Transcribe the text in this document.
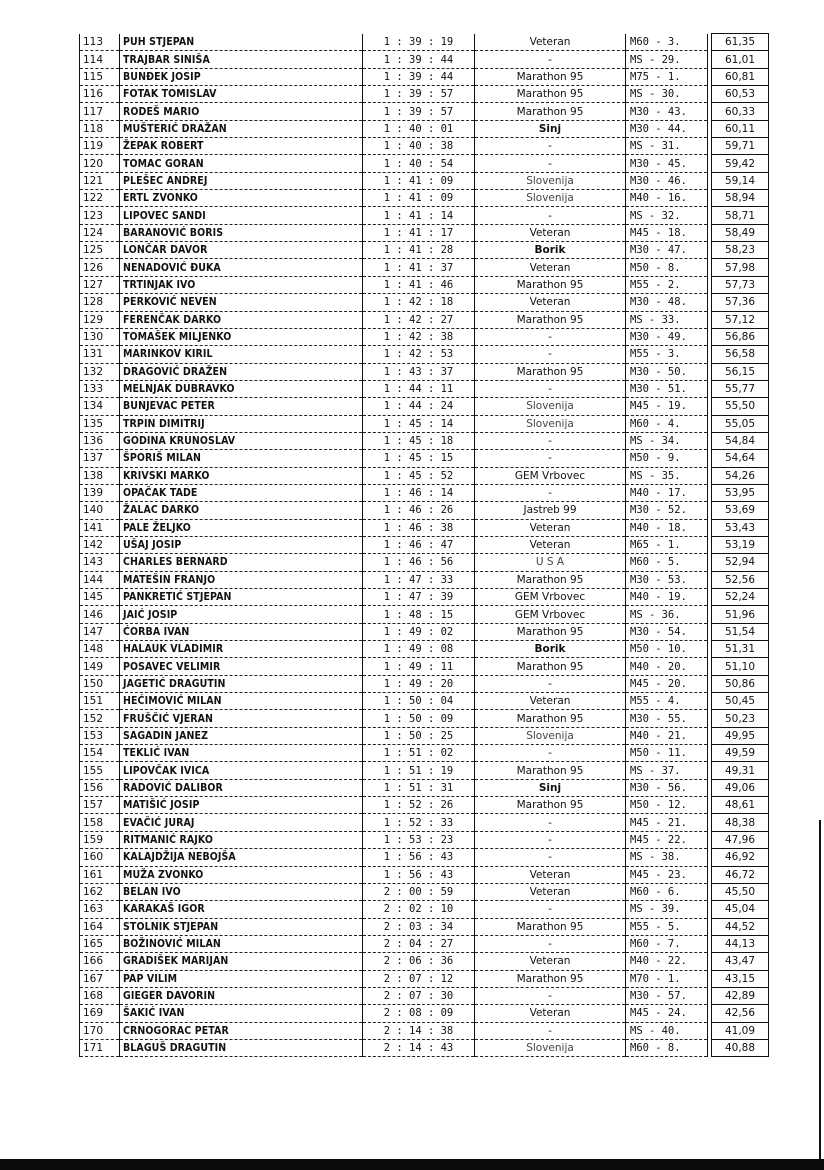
113	PUH STJEPAN	1 : 39 : 19	Veteran	M60 - 3.		61,35
114	TRAJBAR SINIŠA	1 : 39 : 44	-	MS - 29.		61,01
115	BUNĐEK JOSIP	1 : 39 : 44	Marathon 95	M75 - 1.		60,81
116	FOTAK TOMISLAV	1 : 39 : 57	Marathon 95	MS - 30.		60,53
117	RODEŠ MARIO	1 : 39 : 57	Marathon 95	M30 - 43.		60,33
118	MUŠTERIĆ DRAŽAN	1 : 40 : 01	Sinj	M30 - 44.		60,11
119	ŽEPAK ROBERT	1 : 40 : 38	-	MS - 31.		59,71
120	TOMAC GORAN	1 : 40 : 54	-	M30 - 45.		59,42
121	PLEŠEC ANDREJ	1 : 41 : 09	Slovenija	M30 - 46.		59,14
122	ERTL ZVONKO	1 : 41 : 09	Slovenija	M40 - 16.		58,94
123	LIPOVEC SANDI	1 : 41 : 14	-	MS - 32.		58,71
124	BARANOVIĆ BORIS	1 : 41 : 17	Veteran	M45 - 18.		58,49
125	LONČAR DAVOR	1 : 41 : 28	Borik	M30 - 47.		58,23
126	NENADOVIĆ ĐUKA	1 : 41 : 37	Veteran	M50 - 8.		57,98
127	TRTINJAK IVO	1 : 41 : 46	Marathon 95	M55 - 2.		57,73
128	PERKOVIĆ NEVEN	1 : 42 : 18	Veteran	M30 - 48.		57,36
129	FERENČAK DARKO	1 : 42 : 27	Marathon 95	MS - 33.		57,12
130	TOMAŠEK MILJENKO	1 : 42 : 38	-	M30 - 49.		56,86
131	MARINKOV KIRIL	1 : 42 : 53	-	M55 - 3.		56,58
132	DRAGOVIĆ DRAŽEN	1 : 43 : 37	Marathon 95	M30 - 50.		56,15
133	MELNJAK DUBRAVKO	1 : 44 : 11	-	M30 - 51.		55,77
134	BUNJEVAC PETER	1 : 44 : 24	Slovenija	M45 - 19.		55,50
135	TRPIN DIMITRIJ	1 : 45 : 14	Slovenija	M60 - 4.		55,05
136	GODINA KRUNOSLAV	1 : 45 : 18	-	MS - 34.		54,84
137	ŠPORIŠ MILAN	1 : 45 : 15	-	M50 - 9.		54,64
138	KRIVSKI MARKO	1 : 45 : 52	GEM Vrbovec	MS - 35.		54,26
139	OPAČAK TADE	1 : 46 : 14	-	M40 - 17.		53,95
140	ŽALAC DARKO	1 : 46 : 26	Jastreb 99	M30 - 52.		53,69
141	PALE ŽELJKO	1 : 46 : 38	Veteran	M40 - 18.		53,43
142	UŠAJ JOSIP	1 : 46 : 47	Veteran	M65 - 1.		53,19
143	CHARLES BERNARD	1 : 46 : 56	U S A	M60 - 5.		52,94
144	MATEŠIN FRANJO	1 : 47 : 33	Marathon 95	M30 - 53.		52,56
145	PANKRETIĆ STJEPAN	1 : 47 : 39	GEM Vrbovec	M40 - 19.		52,24
146	JAIĆ JOSIP	1 : 48 : 15	GEM Vrbovec	MS - 36.		51,96
147	ĆORBA IVAN	1 : 49 : 02	Marathon 95	M30 - 54.		51,54
148	HALAUK VLADIMIR	1 : 49 : 08	Borik	M50 - 10.		51,31
149	POSAVEC VELIMIR	1 : 49 : 11	Marathon 95	M40 - 20.		51,10
150	JAGETIĆ DRAGUTIN	1 : 49 : 20	-	M45 - 20.		50,86
151	HEĆIMOVIĆ MILAN	1 : 50 : 04	Veteran	M55 - 4.		50,45
152	FRUŠČIĆ VJERAN	1 : 50 : 09	Marathon 95	M30 - 55.		50,23
153	SAGADIN JANEZ	1 : 50 : 25	Slovenija	M40 - 21.		49,95
154	TEKLIĆ IVAN	1 : 51 : 02	-	M50 - 11.		49,59
155	LIPOVČAK IVICA	1 : 51 : 19	Marathon 95	MS - 37.		49,31
156	RADOVIĆ DALIBOR	1 : 51 : 31	Sinj	M30 - 56.		49,06
157	MATIŠIĆ JOSIP	1 : 52 : 26	Marathon 95	M50 - 12.		48,61
158	EVAČIĆ JURAJ	1 : 52 : 33	-	M45 - 21.		48,38
159	RITMANIĆ RAJKO	1 : 53 : 23	-	M45 - 22.		47,96
160	KALAJDŽIJA NEBOJŠA	1 : 56 : 43	-	MS - 38.		46,92
161	MUŽA ZVONKO	1 : 56 : 43	Veteran	M45 - 23.		46,72
162	BELAN IVO	2 : 00 : 59	Veteran	M60 - 6.		45,50
163	KARAKAŠ IGOR	2 : 02 : 10	-	MS - 39.		45,04
164	STOLNIK STJEPAN	2 : 03 : 34	Marathon 95	M55 - 5.		44,52
165	BOŽINOVIĆ MILAN	2 : 04 : 27	-	M60 - 7.		44,13
166	GRADIŠEK MARIJAN	2 : 06 : 36	Veteran	M40 - 22.		43,47
167	PAP VILIM	2 : 07 : 12	Marathon 95	M70 - 1.		43,15
168	GIEGER DAVORIN	2 : 07 : 30	-	M30 - 57.		42,89
169	ŠAKIĆ IVAN	2 : 08 : 09	Veteran	M45 - 24.		42,56
170	CRNOGORAC PETAR	2 : 14 : 38	-	MS - 40.		41,09
171	BLAGUŠ DRAGUTIN	2 : 14 : 43	Slovenija	M60 - 8.		40,88
